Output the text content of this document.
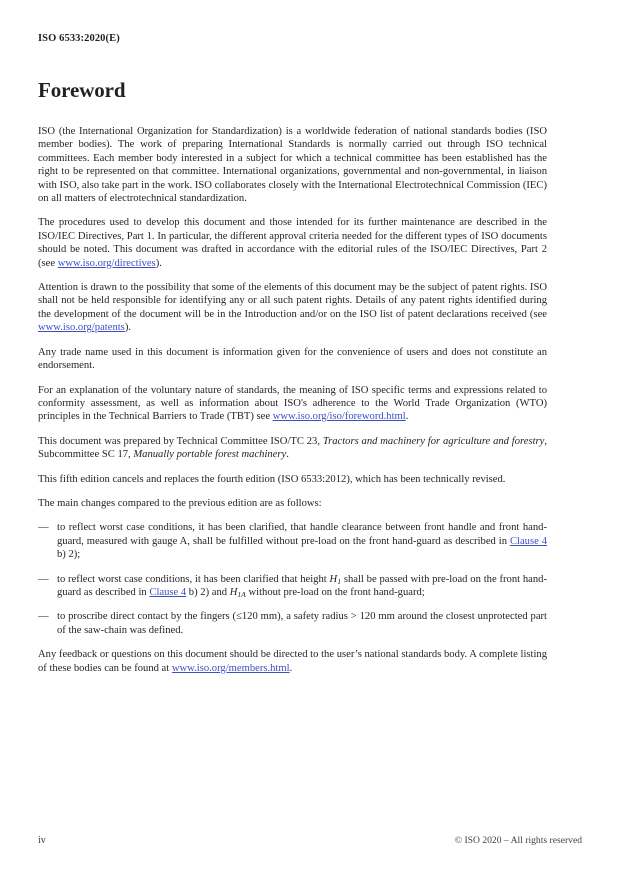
ISO 6533:2020(E)
Foreword

ISO (the International Organization for Standardization) is a worldwide federation of national standards bodies (ISO member bodies). The work of preparing International Standards is normally carried out through ISO technical committees. Each member body interested in a subject for which a technical committee has been established has the right to be represented on that committee. International organizations, governmental and non-governmental, in liaison with ISO, also take part in the work. ISO collaborates closely with the International Electrotechnical Commission (IEC) on all matters of electrotechnical standardization.

The procedures used to develop this document and those intended for its further maintenance are described in the ISO/IEC Directives, Part 1. In particular, the different approval criteria needed for the different types of ISO documents should be noted. This document was drafted in accordance with the editorial rules of the ISO/IEC Directives, Part 2 (see www.iso.org/directives).

Attention is drawn to the possibility that some of the elements of this document may be the subject of patent rights. ISO shall not be held responsible for identifying any or all such patent rights. Details of any patent rights identified during the development of the document will be in the Introduction and/or on the ISO list of patent declarations received (see www.iso.org/patents).

Any trade name used in this document is information given for the convenience of users and does not constitute an endorsement.

For an explanation of the voluntary nature of standards, the meaning of ISO specific terms and expressions related to conformity assessment, as well as information about ISO's adherence to the World Trade Organization (WTO) principles in the Technical Barriers to Trade (TBT) see www.iso.org/iso/foreword.html.

This document was prepared by Technical Committee ISO/TC 23, Tractors and machinery for agriculture and forestry, Subcommittee SC 17, Manually portable forest machinery.

This fifth edition cancels and replaces the fourth edition (ISO 6533:2012), which has been technically revised.

The main changes compared to the previous edition are as follows:

— to reflect worst case conditions, it has been clarified, that handle clearance between front handle and front hand-guard, measured with gauge A, shall be fulfilled without pre-load on the front hand-guard as described in Clause 4 b) 2);
— to reflect worst case conditions, it has been clarified that height $H_1$ shall be passed with pre-load on the front hand-guard as described in Clause 4 b) 2) and $H_{1A}$ without pre-load on the front hand-guard;
— to proscribe direct contact by the fingers (≤120 mm), a safety radius > 120 mm around the closest unprotected part of the saw-chain was defined.

Any feedback or questions on this document should be directed to the user’s national standards body. A complete listing of these bodies can be found at www.iso.org/members.html.

iv	© ISO 2020 – All rights reserved
